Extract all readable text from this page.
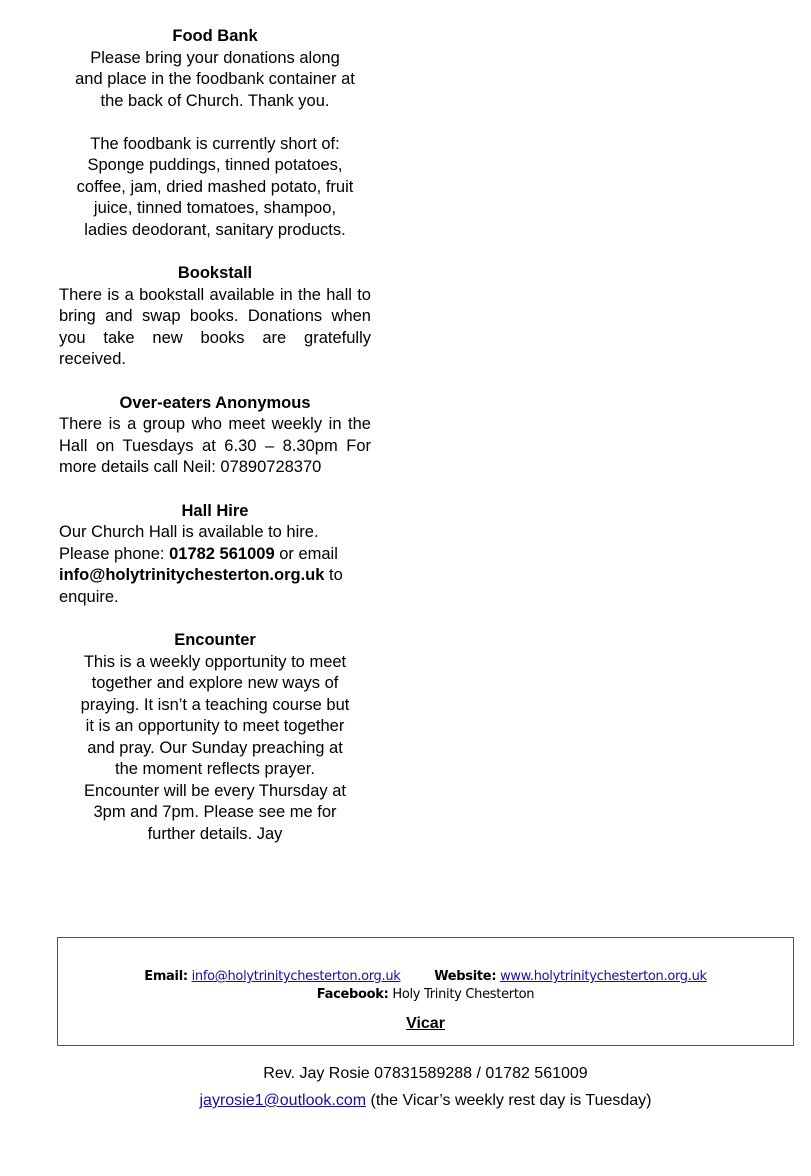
Food Bank
Please bring your donations along
and place in the foodbank container at
the back of Church. Thank you.
The foodbank is currently short of:
Sponge puddings, tinned potatoes,
coffee, jam, dried mashed potato, fruit
juice, tinned tomatoes, shampoo,
ladies deodorant, sanitary products.
Bookstall
There is a bookstall available in the hall to bring and swap books. Donations when you take new books are gratefully received.
Over-eaters Anonymous
There is a group who meet weekly in the Hall on Tuesdays at 6.30 – 8.30pm For more details call Neil: 07890728370
Hall Hire
Our Church Hall is available to hire. Please phone: 01782 561009 or email info@holytrinitychesterton.org.uk to enquire.
Encounter
This is a weekly opportunity to meet
together and explore new ways of
praying. It isn’t a teaching course but
it is an opportunity to meet together
and pray. Our Sunday preaching at
the moment reflects prayer.
Encounter will be every Thursday at
3pm and 7pm. Please see me for
further details. Jay
Email: info@holytrinitychesterton.org.uk	Website: www.holytrinitychesterton.org.uk
Facebook: Holy Trinity Chesterton
Vicar
Rev. Jay Rosie 07831589288 / 01782 561009
jayrosie1@outlook.com (the Vicar’s weekly rest day is Tuesday)
